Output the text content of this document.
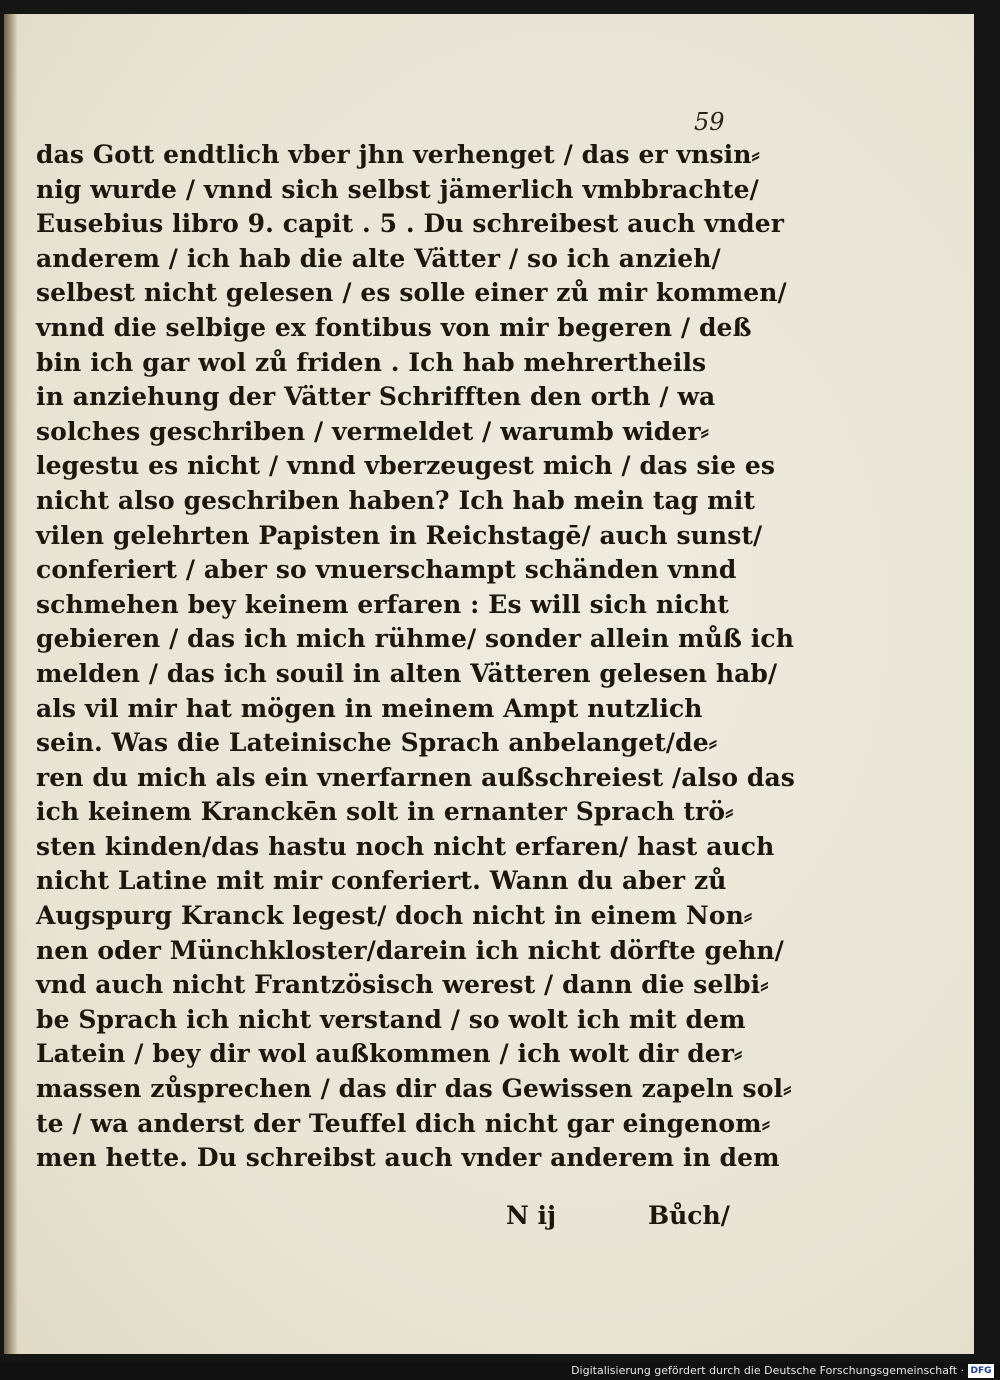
59
das Gott endtlich vber jhn verhenget / das er vnsin⸗
nig wurde / vnnd sich selbst jämerlich vmbbrachte/
Eusebius libro 9. capit . 5 . Du schreibest auch vnder
anderem / ich hab die alte Vätter / so ich anzieh/
selbest nicht gelesen / es solle einer zů mir kommen/
vnnd die selbige ex fontibus von mir begeren / deß
bin ich gar wol zů friden . Ich hab mehrertheils
in anziehung der Vätter Schrifften den orth / wa
solches geschriben / vermeldet / warumb wider⸗
legestu es nicht / vnnd vberzeugest mich / das sie es
nicht also geschriben haben? Ich hab mein tag mit
vilen gelehrten Papisten in Reichstagē/ auch sunst/
conferiert / aber so vnuerschampt schänden vnnd
schmehen bey keinem erfaren : Es will sich nicht
gebieren / das ich mich rühme/ sonder allein můß ich
melden / das ich souil in alten Vätteren gelesen hab/
als vil mir hat mögen in meinem Ampt nutzlich
sein. Was die Lateinische Sprach anbelanget/de⸗
ren du mich als ein vnerfarnen außschreiest /also das
ich keinem Kranckēn solt in ernanter Sprach trö⸗
sten kinden/das hastu noch nicht erfaren/ hast auch
nicht Latine mit mir conferiert. Wann du aber zů
Augspurg Kranck legest/ doch nicht in einem Non⸗
nen oder Münchkloster/darein ich nicht dörfte gehn/
vnd auch nicht Frantzösisch werest / dann die selbi⸗
be Sprach ich nicht verstand / so wolt ich mit dem
Latein / bey dir wol außkommen / ich wolt dir der⸗
massen zůsprechen / das dir das Gewissen zapeln sol⸗
te / wa anderst der Teuffel dich nicht gar eingenom⸗
men hette. Du schreibst auch vnder anderem in dem
N ij	Bůch/
Digitalisierung gefördert durch die Deutsche Forschungsgemeinschaft · DFG
